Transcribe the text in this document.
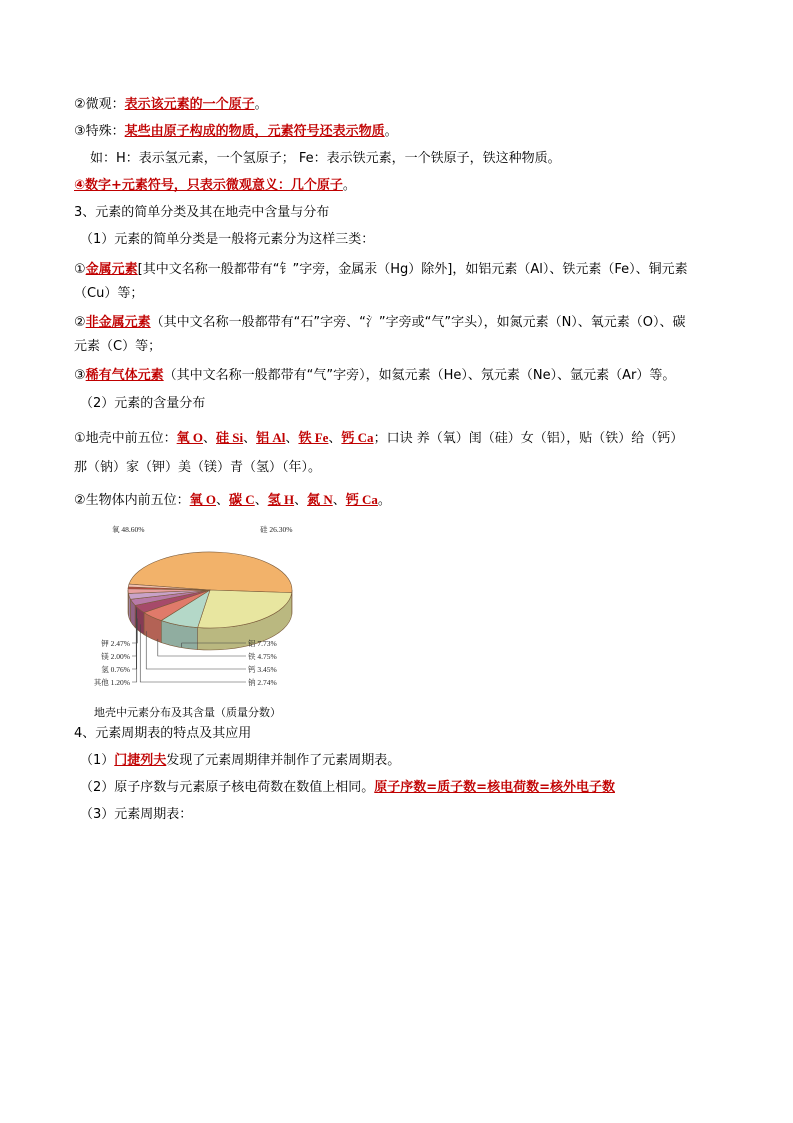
②微观：表示该元素的一个原子。
③特殊：某些由原子构成的物质，元素符号还表示物质。
如：H：表示氢元素，一个氢原子； Fe：表示铁元素，一个铁原子，铁这种物质。
④数字+元素符号，只表示微观意义：几个原子。
3、元素的简单分类及其在地壳中含量与分布
（1）元素的简单分类是一般将元素分为这样三类：
①金属元素[其中文名称一般都带有“钅”字旁，金属汞（Hg）除外]，如铝元素（Al）、铁元素（Fe）、铜元素
（Cu）等；
②非金属元素（其中文名称一般都带有“石”字旁、“氵”字旁或“气”字头），如氮元素（N）、氧元素（O）、碳
元素（C）等；
③稀有气体元素（其中文名称一般都带有“气”字旁），如氦元素（He）、氖元素（Ne）、氩元素（Ar）等。
（2）元素的含量分布
①地壳中前五位：氧 O、硅 Si、铝 Al、铁 Fe、钙 Ca；口诀 养（氧）闺（硅）女（铝），贴（铁）给（钙）
那（钠）家（钾）美（镁）青（氢）（年）。
②生物体内前五位：氧 O、碳 C、氢 H、氮 N、钙 Ca。
氧 48.60%	硅 26.30%
铝 7.73%
铁 4.75%
钙 3.45%
钠 2.74%
钾 2.47%
镁 2.00%
氢 0.76%
其他 1.20%
地壳中元素分布及其含量（质量分数）
4、元素周期表的特点及其应用
（1）门捷列夫发现了元素周期律并制作了元素周期表。
（2）原子序数与元素原子核电荷数在数值上相同。原子序数=质子数=核电荷数=核外电子数
（3）元素周期表：
